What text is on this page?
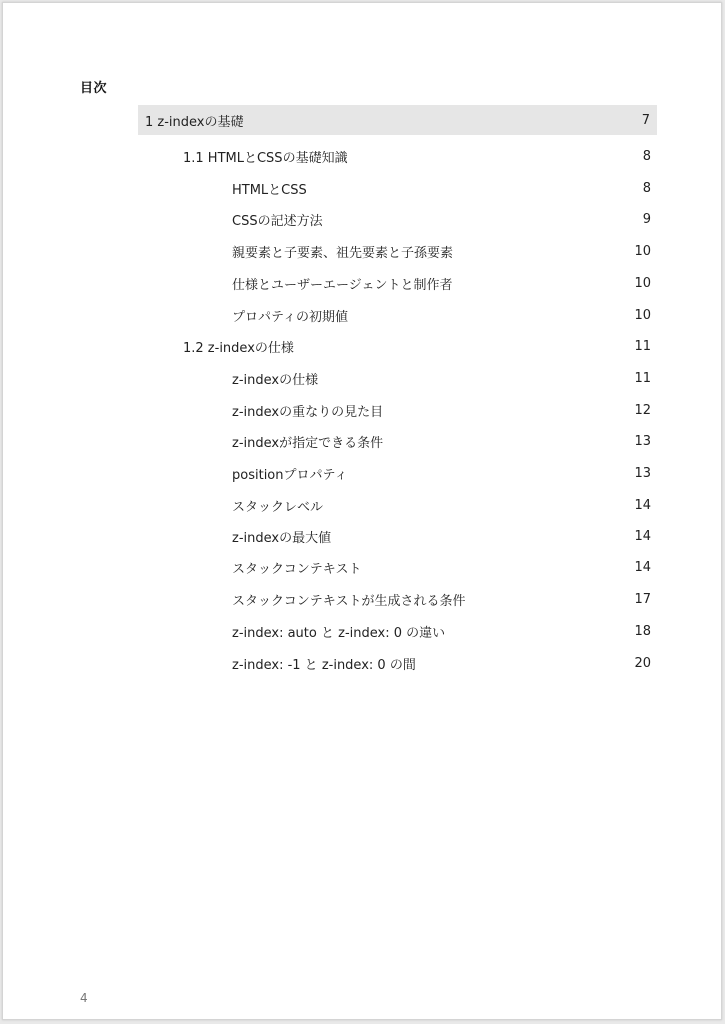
目次
1 z-indexの基礎	7
1.1 HTMLとCSSの基礎知識	8
HTMLとCSS	8
CSSの記述方法	9
親要素と子要素、祖先要素と子孫要素	10
仕様とユーザーエージェントと制作者	10
プロパティの初期値	10
1.2 z-indexの仕様	11
z-indexの仕様	11
z-indexの重なりの見た目	12
z-indexが指定できる条件	13
positionプロパティ	13
スタックレベル	14
z-indexの最大値	14
スタックコンテキスト	14
スタックコンテキストが生成される条件	17
z-index: auto と z-index: 0 の違い	18
z-index: -1 と z-index: 0 の間	20
4
